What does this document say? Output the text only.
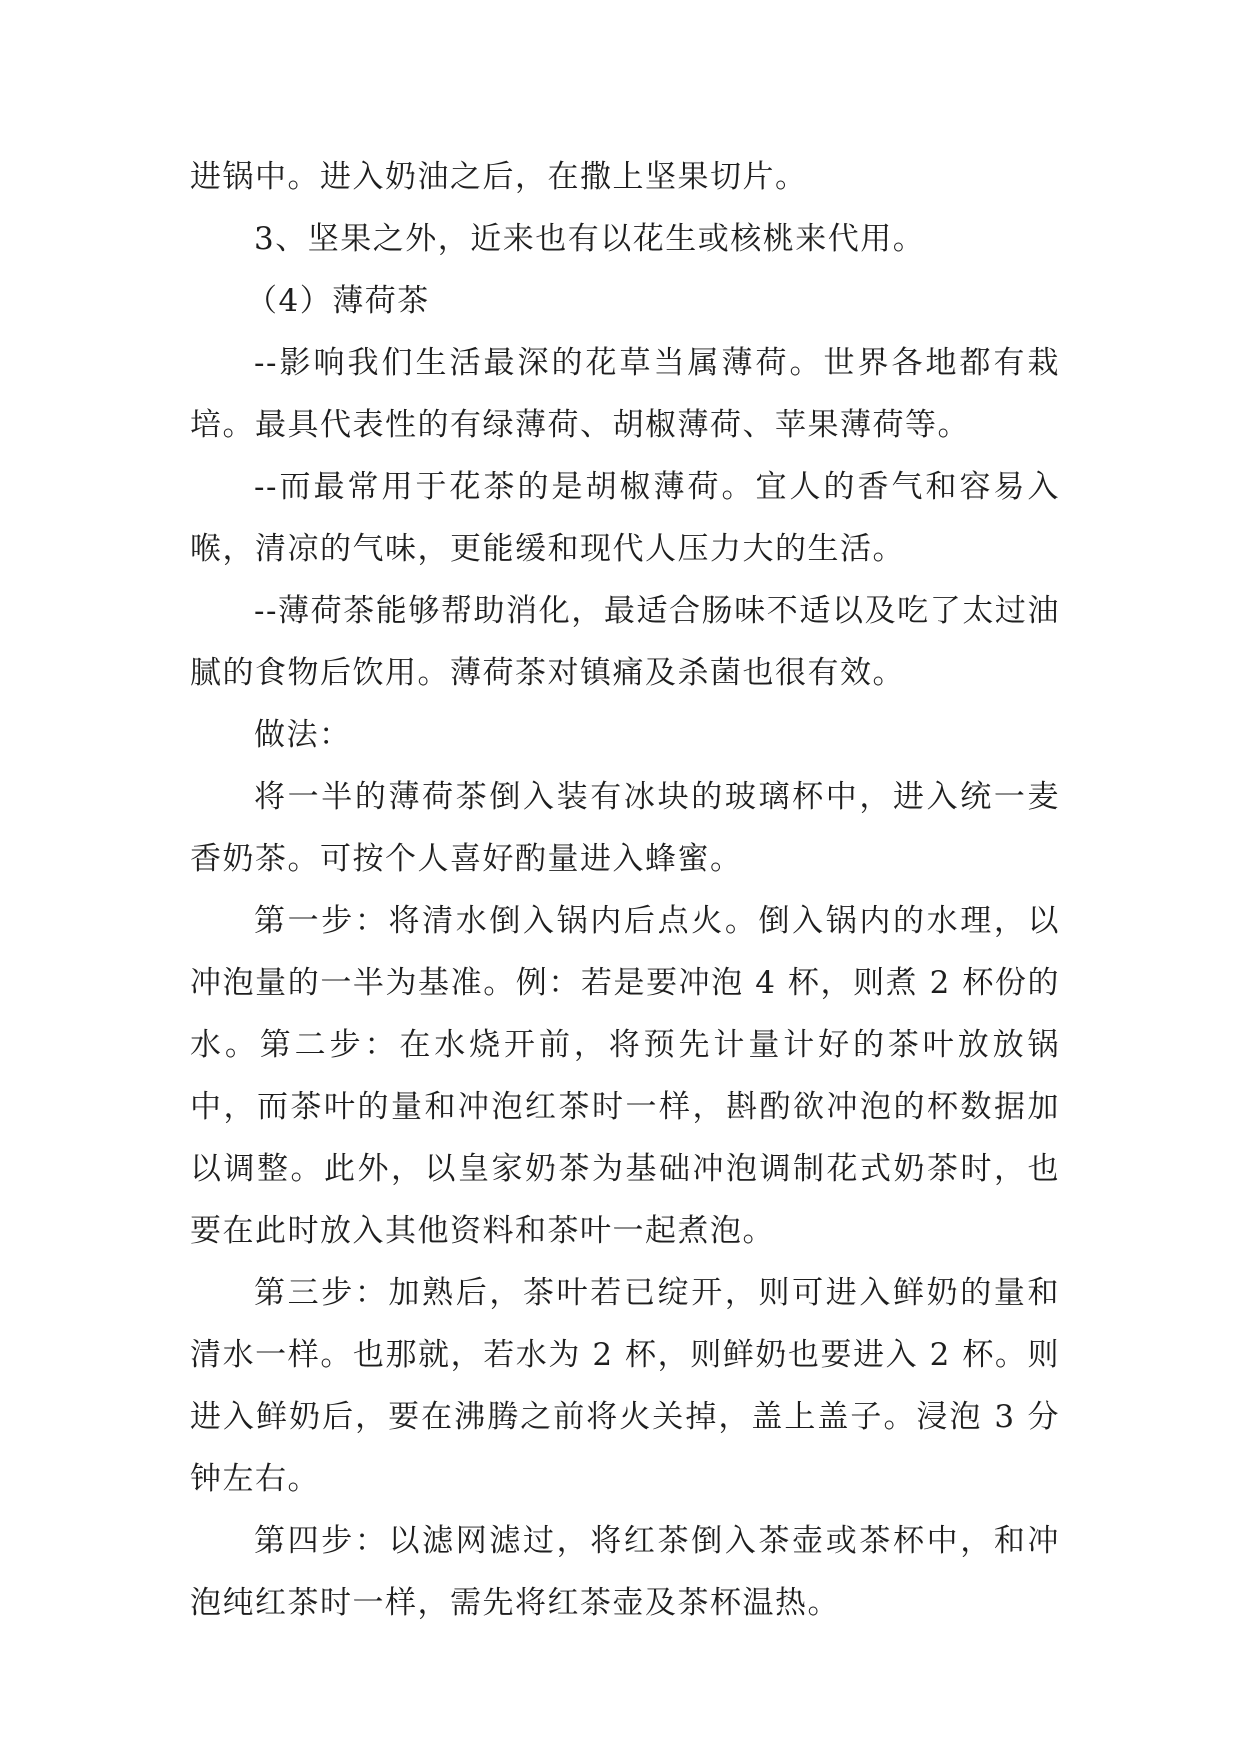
进锅中。进入奶油之后，在撒上坚果切片。

3、坚果之外，近来也有以花生或核桃来代用。

（4）薄荷茶

--影响我们生活最深的花草当属薄荷。世界各地都有栽培。最具代表性的有绿薄荷、胡椒薄荷、苹果薄荷等。

--而最常用于花茶的是胡椒薄荷。宜人的香气和容易入喉，清凉的气味，更能缓和现代人压力大的生活。

--薄荷茶能够帮助消化，最适合肠味不适以及吃了太过油腻的食物后饮用。薄荷茶对镇痛及杀菌也很有效。

做法：

将一半的薄荷茶倒入装有冰块的玻璃杯中，进入统一麦香奶茶。可按个人喜好酌量进入蜂蜜。

第一步：将清水倒入锅内后点火。倒入锅内的水理，以冲泡量的一半为基准。例：若是要冲泡 4 杯，则煮 2 杯份的水。第二步：在水烧开前，将预先计量计好的茶叶放放锅中，而茶叶的量和冲泡红茶时一样，斟酌欲冲泡的杯数据加以调整。此外，以皇家奶茶为基础冲泡调制花式奶茶时，也要在此时放入其他资料和茶叶一起煮泡。

第三步：加熟后，茶叶若已绽开，则可进入鲜奶的量和清水一样。也那就，若水为 2 杯，则鲜奶也要进入 2 杯。则进入鲜奶后，要在沸腾之前将火关掉，盖上盖子。浸泡 3 分钟左右。

第四步：以滤网滤过，将红茶倒入茶壶或茶杯中，和冲泡纯红茶时一样，需先将红茶壶及茶杯温热。
